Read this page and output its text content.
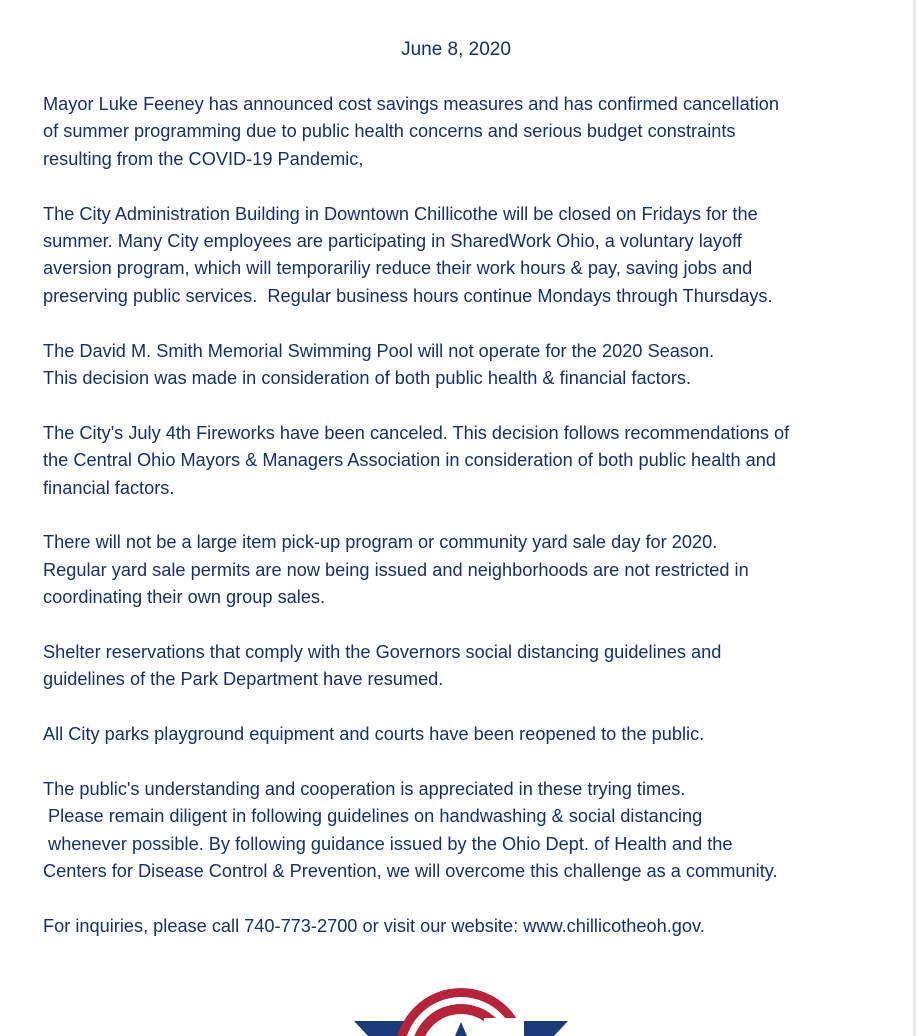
June 8, 2020

Mayor Luke Feeney has announced cost savings measures and has confirmed cancellation
of summer programming due to public health concerns and serious budget constraints
resulting from the COVID-19 Pandemic,

The City Administration Building in Downtown Chillicothe will be closed on Fridays for the
summer. Many City employees are participating in SharedWork Ohio, a voluntary layoff
aversion program, which will temporariliy reduce their work hours & pay, saving jobs and
preserving public services.  Regular business hours continue Mondays through Thursdays.

The David M. Smith Memorial Swimming Pool will not operate for the 2020 Season.
This decision was made in consideration of both public health & financial factors.

The City's July 4th Fireworks have been canceled. This decision follows recommendations of
the Central Ohio Mayors & Managers Association in consideration of both public health and
financial factors.

There will not be a large item pick-up program or community yard sale day for 2020.
Regular yard sale permits are now being issued and neighborhoods are not restricted in
coordinating their own group sales.

Shelter reservations that comply with the Governors social distancing guidelines and
guidelines of the Park Department have resumed.

All City parks playground equipment and courts have been reopened to the public.

The public's understanding and cooperation is appreciated in these trying times.
Please remain diligent in following guidelines on handwashing & social distancing
whenever possible. By following guidance issued by the Ohio Dept. of Health and the
Centers for Disease Control & Prevention, we will overcome this challenge as a community.

For inquiries, please call 740-773-2700 or visit our website: www.chillicotheoh.gov.
